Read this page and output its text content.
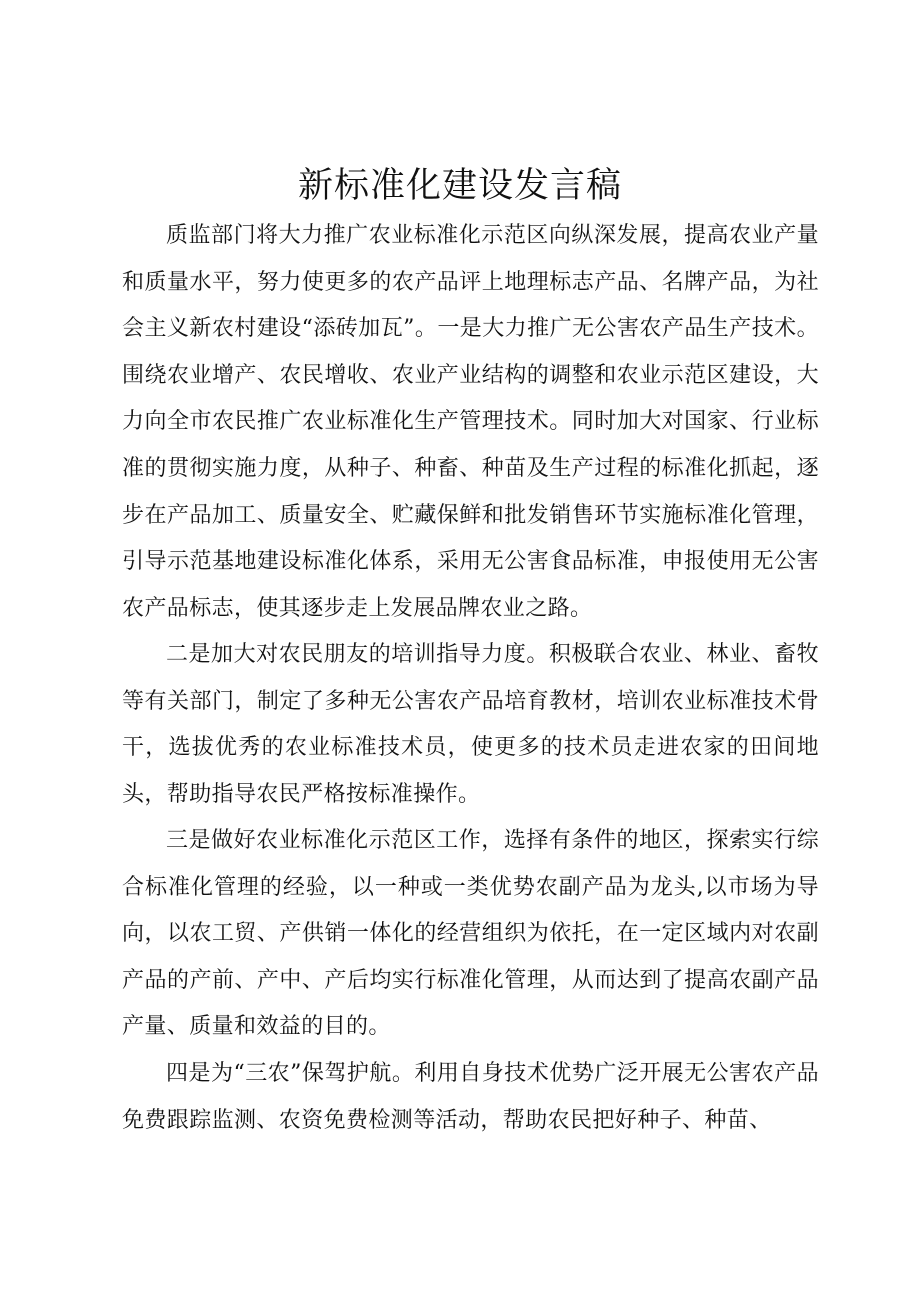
新标准化建设发言稿

质监部门将大力推广农业标准化示范区向纵深发展，提高农业产量和质量水平，努力使更多的农产品评上地理标志产品、名牌产品，为社会主义新农村建设“添砖加瓦”。一是大力推广无公害农产品生产技术。围绕农业增产、农民增收、农业产业结构的调整和农业示范区建设，大力向全市农民推广农业标准化生产管理技术。同时加大对国家、行业标准的贯彻实施力度，从种子、种畜、种苗及生产过程的标准化抓起，逐步在产品加工、质量安全、贮藏保鲜和批发销售环节实施标准化管理，引导示范基地建设标准化体系，采用无公害食品标准，申报使用无公害农产品标志，使其逐步走上发展品牌农业之路。

二是加大对农民朋友的培训指导力度。积极联合农业、林业、畜牧等有关部门，制定了多种无公害农产品培育教材，培训农业标准技术骨干，选拔优秀的农业标准技术员，使更多的技术员走进农家的田间地头，帮助指导农民严格按标准操作。

三是做好农业标准化示范区工作，选择有条件的地区，探索实行综合标准化管理的经验，以一种或一类优势农副产品为龙头,以市场为导向，以农工贸、产供销一体化的经营组织为依托，在一定区域内对农副产品的产前、产中、产后均实行标准化管理，从而达到了提高农副产品产量、质量和效益的目的。

四是为“三农”保驾护航。利用自身技术优势广泛开展无公害农产品免费跟踪监测、农资免费检测等活动，帮助农民把好种子、种苗、
